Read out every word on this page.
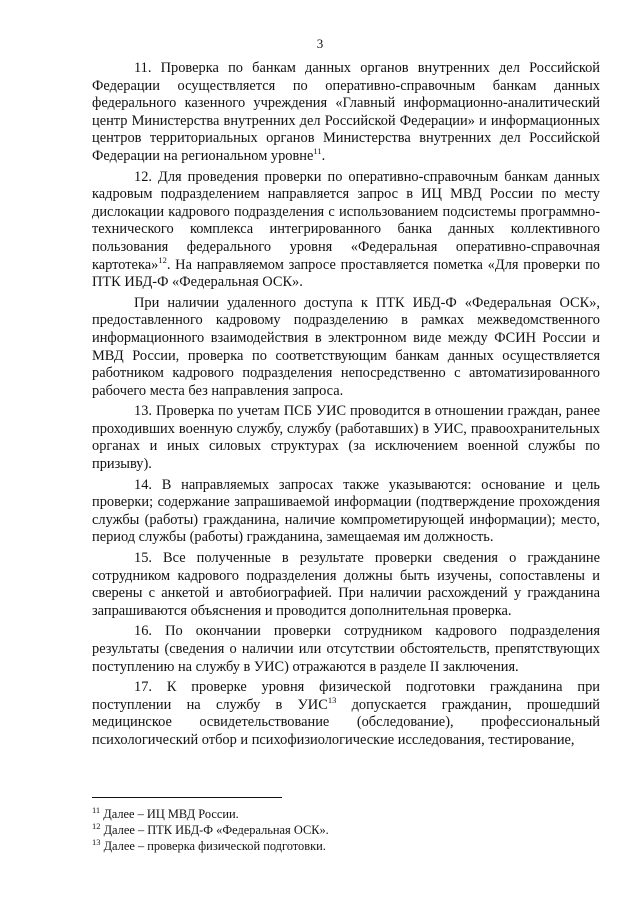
3

11. Проверка по банкам данных органов внутренних дел Российской Федерации осуществляется по оперативно-справочным банкам данных федерального казенного учреждения «Главный информационно-аналитический центр Министерства внутренних дел Российской Федерации» и информационных центров территориальных органов Министерства внутренних дел Российской Федерации на региональном уровне$^{11}$.

12. Для проведения проверки по оперативно-справочным банкам данных кадровым подразделением направляется запрос в ИЦ МВД России по месту дислокации кадрового подразделения с использованием подсистемы программно-технического комплекса интегрированного банка данных коллективного пользования федерального уровня «Федеральная оперативно-справочная картотека»$^{12}$. На направляемом запросе проставляется пометка «Для проверки по ПТК ИБД-Ф «Федеральная ОСК».

При наличии удаленного доступа к ПТК ИБД-Ф «Федеральная ОСК», предоставленного кадровому подразделению в рамках межведомственного информационного взаимодействия в электронном виде между ФСИН России и МВД России, проверка по соответствующим банкам данных осуществляется работником кадрового подразделения непосредственно с автоматизированного рабочего места без направления запроса.

13. Проверка по учетам ПСБ УИС проводится в отношении граждан, ранее проходивших военную службу, службу (работавших) в УИС, правоохранительных органах и иных силовых структурах (за исключением военной службы по призыву).

14. В направляемых запросах также указываются: основание и цель проверки; содержание запрашиваемой информации (подтверждение прохождения службы (работы) гражданина, наличие компрометирующей информации); место, период службы (работы) гражданина, замещаемая им должность.

15. Все полученные в результате проверки сведения о гражданине сотрудником кадрового подразделения должны быть изучены, сопоставлены и сверены с анкетой и автобиографией. При наличии расхождений у гражданина запрашиваются объяснения и проводится дополнительная проверка.

16. По окончании проверки сотрудником кадрового подразделения результаты (сведения о наличии или отсутствии обстоятельств, препятствующих поступлению на службу в УИС) отражаются в разделе II заключения.

17. К проверке уровня физической подготовки гражданина при поступлении на службу в УИС$^{13}$ допускается гражданин, прошедший медицинское освидетельствование (обследование), профессиональный психологический отбор и психофизиологические исследования, тестирование,

$^{11}$ Далее – ИЦ МВД России.

$^{12}$ Далее – ПТК ИБД-Ф «Федеральная ОСК».

$^{13}$ Далее – проверка физической подготовки.
